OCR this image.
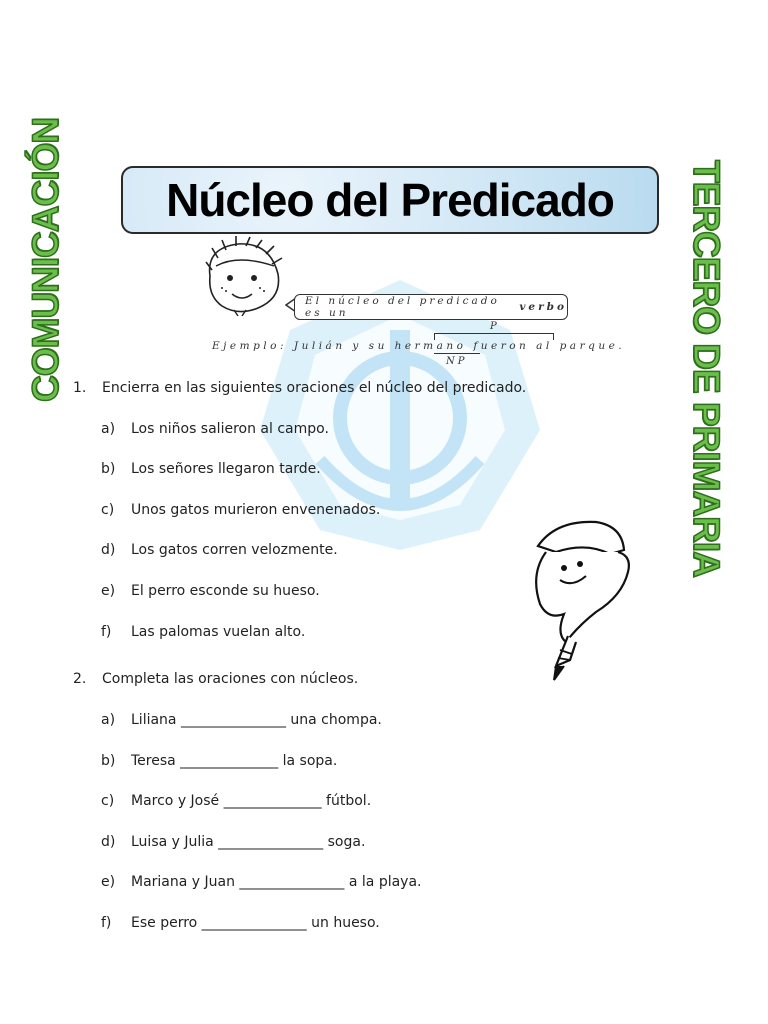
COMUNICACIÓN	TERCERO DE PRIMARIA
Núcleo del Predicado
El núcleo del predicado es un	verbo
P
Ejemplo: Julián y su hermano fueron al parque.
NP
1. Encierra en las siguientes oraciones el núcleo del predicado.
a) Los niños salieron al campo.
b) Los señores llegaron tarde.
c) Unos gatos murieron envenenados.
d) Los gatos corren velozmente.
e) El perro esconde su hueso.
f) Las palomas vuelan alto.
2. Completa las oraciones con núcleos.
a) Liliana _______________ una chompa.
b) Teresa ______________ la sopa.
c) Marco y José ______________ fútbol.
d) Luisa y Julia _______________ soga.
e) Mariana y Juan _______________ a la playa.
f) Ese perro _______________ un hueso.
